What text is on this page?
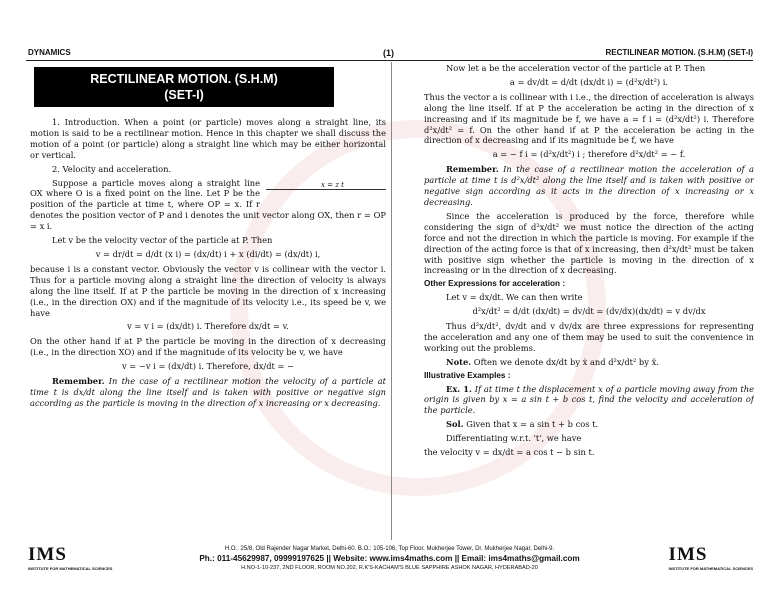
DYNAMICS	(1)	RECTILINEAR MOTION. (S.H.M) (SET-I)
RECTILINEAR MOTION. (S.H.M)
(SET-I)

1. Introduction. When a point (or particle) moves along a straight line, its motion is said to be a rectilinear motion. Hence in this chapter we shall discuss the motion of a point (or particle) along a straight line which may be either horizontal or vertical.

2. Velocity and acceleration.

x = z t

Suppose a particle moves along a straight line OX where O is a fixed point on the line. Let P be the position of the particle at time t, where OP = x. If r denotes the position vector of P and i denotes the unit vector along OX, then r = OP = x i.

Let v be the velocity vector of the particle at P. Then

v = dr/dt = d/dt (x i) = (dx/dt) i + x (di/dt) = (dx/dt) i,

because i is a constant vector. Obviously the vector v is collinear with the vector i. Thus for a particle moving along a straight line the direction of velocity is always along the line itself. If at P the particle be moving in the direction of x increasing (i.e., in the direction OX) and if the magnitude of its velocity i.e., its speed be v, we have

v = v i = (dx/dt) i. Therefore dx/dt = v.

On the other hand if at P the particle be moving in the direction of x decreasing (i.e., in the direction XO) and if the magnitude of its velocity be v, we have

v = −v i = (dx/dt) i. Therefore, dx/dt = −

Remember. In the case of a rectilinear motion the velocity of a particle at time t is dx/dt along the line itself and is taken with positive or negative sign according as the particle is moving in the direction of x increasing or x decreasing.

Now let a be the acceleration vector of the particle at P. Then

a = dv/dt = d/dt (dx/dt i) = (d²x/dt²) i.

Thus the vector a is collinear with i i.e., the direction of acceleration is always along the line itself. If at P the acceleration be acting in the direction of x increasing and if its magnitude be f, we have a = f i = (d²x/dt²) i. Therefore d²x/dt² = f. On the other hand if at P the acceleration be acting in the direction of x decreasing and if its magnitude be f, we have

a = − f i = (d²x/dt²) i ; therefore d²x/dt² = − f.

Remember. In the case of a rectilinear motion the acceleration of a particle at time t is d²x/dt² along the line itself and is taken with positive or negative sign according as it acts in the direction of x increasing or x decreasing.

Since the acceleration is produced by the force, therefore while considering the sign of d²x/dt² we must notice the direction of the acting force and not the direction in which the particle is moving. For example if the direction of the acting force is that of x increasing, then d²x/dt² must be taken with positive sign whether the particle is moving in the direction of x increasing or in the direction of x decreasing.

Other Expressions for acceleration :

Let v = dx/dt. We can then write

d²x/dt² = d/dt (dx/dt) = dv/dt = (dv/dx)(dx/dt) = v dv/dx

Thus d²x/dt², dv/dt and v dv/dx are three expressions for representing the acceleration and any one of them may be used to suit the convenience in working out the problems.

Note. Often we denote dx/dt by ẋ and d²x/dt² by ẍ.

Illustrative Examples :

Ex. 1. If at time t the displacement x of a particle moving away from the origin is given by x = a sin t + b cos t, find the velocity and acceleration of the particle.

Sol. Given that x = a sin t + b cos t.

Differentiating w.r.t. 't', we have

the velocity v = dx/dt = a cos t − b sin t.

IMS
INSTITUTE FOR MATHEMATICAL SCIENCES
H.O.: 25/8, Old Rajender Nagar Market, Delhi-60. B.O.: 105-106, Top Floor, Mukherjee Tower, Dr. Mukherjee Nagar, Delhi-9.
Ph.: 011-45629987, 09999197625 || Website: www.ims4maths.com || Email: ims4maths@gmail.com
H.NO-1-10-237, 2ND FLOOR, ROOM NO.202, R.K'S-KACHAM'S BLUE SAPPHIRE ASHOK NAGAR, HYDERABAD-20
IMS
INSTITUTE FOR MATHEMATICAL SCIENCES
